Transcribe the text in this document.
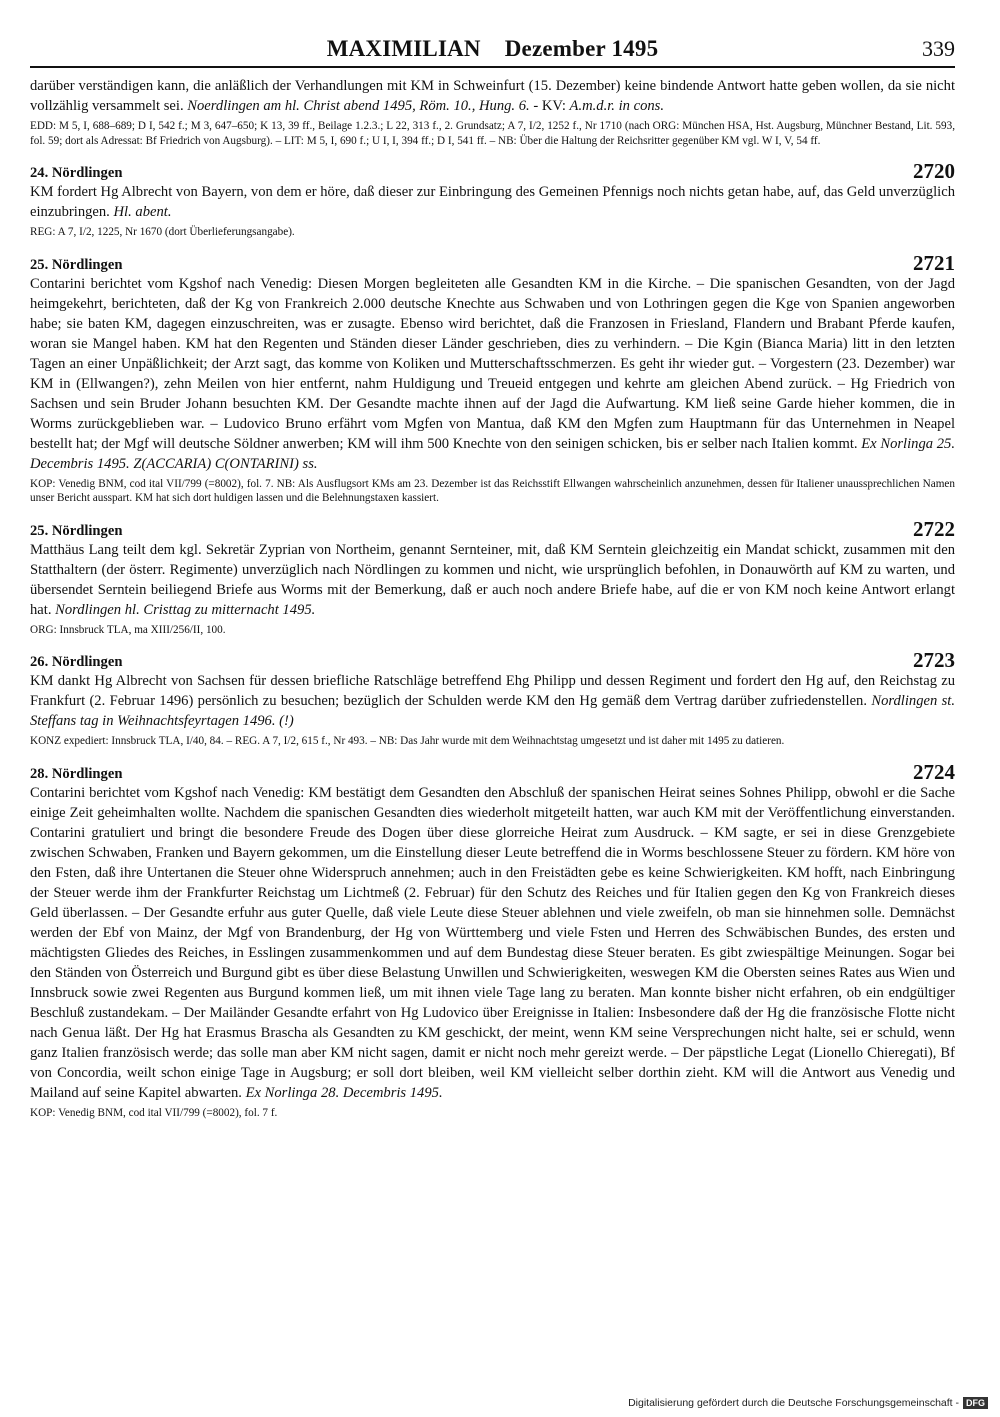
MAXIMILIAN Dezember 1495	339

darüber verständigen kann, die anläßlich der Verhandlungen mit KM in Schweinfurt (15. Dezember) keine bindende Antwort hatte geben wollen, da sie nicht vollzählig versammelt sei. Noerdlingen am hl. Christ abend 1495, Röm. 10., Hung. 6. - KV: A.m.d.r. in cons.

EDD: M 5, I, 688–689; D I, 542 f.; M 3, 647–650; K 13, 39 ff., Beilage 1.2.3.; L 22, 313 f., 2. Grundsatz; A 7, I/2, 1252 f., Nr 1710 (nach ORG: München HSA, Hst. Augsburg, Münchner Bestand, Lit. 593, fol. 59; dort als Adressat: Bf Friedrich von Augsburg). – LIT: M 5, I, 690 f.; U I, I, 394 ff.; D I, 541 ff. – NB: Über die Haltung der Reichsritter gegenüber KM vgl. W I, V, 54 ff.

24. Nördlingen	2720

KM fordert Hg Albrecht von Bayern, von dem er höre, daß dieser zur Einbringung des Gemeinen Pfennigs noch nichts getan habe, auf, das Geld unverzüglich einzubringen. Hl. abent.

REG: A 7, I/2, 1225, Nr 1670 (dort Überlieferungsangabe).

25. Nördlingen	2721

Contarini berichtet vom Kgshof nach Venedig: Diesen Morgen begleiteten alle Gesandten KM in die Kirche. – Die spanischen Gesandten, von der Jagd heimgekehrt, berichteten, daß der Kg von Frankreich 2.000 deutsche Knechte aus Schwaben und von Lothringen gegen die Kge von Spanien angeworben habe; sie baten KM, dagegen einzuschreiten, was er zusagte. Ebenso wird berichtet, daß die Franzosen in Friesland, Flandern und Brabant Pferde kaufen, woran sie Mangel haben. KM hat den Regenten und Ständen dieser Länder geschrieben, dies zu verhindern. – Die Kgin (Bianca Maria) litt in den letzten Tagen an einer Unpäßlichkeit; der Arzt sagt, das komme von Koliken und Mutterschaftsschmerzen. Es geht ihr wieder gut. – Vorgestern (23. Dezember) war KM in (Ellwangen?), zehn Meilen von hier entfernt, nahm Huldigung und Treueid entgegen und kehrte am gleichen Abend zurück. – Hg Friedrich von Sachsen und sein Bruder Johann besuchten KM. Der Gesandte machte ihnen auf der Jagd die Aufwartung. KM ließ seine Garde hieher kommen, die in Worms zurückgeblieben war. – Ludovico Bruno erfährt vom Mgfen von Mantua, daß KM den Mgfen zum Hauptmann für das Unternehmen in Neapel bestellt hat; der Mgf will deutsche Söldner anwerben; KM will ihm 500 Knechte von den seinigen schicken, bis er selber nach Italien kommt. Ex Norlinga 25. Decembris 1495. Z(ACCARIA) C(ONTARINI) ss.

KOP: Venedig BNM, cod ital VII/799 (=8002), fol. 7. NB: Als Ausflugsort KMs am 23. Dezember ist das Reichsstift Ellwangen wahrscheinlich anzunehmen, dessen für Italiener unaussprechlichen Namen unser Bericht ausspart. KM hat sich dort huldigen lassen und die Belehnungstaxen kassiert.

25. Nördlingen	2722

Matthäus Lang teilt dem kgl. Sekretär Zyprian von Northeim, genannt Serntеiner, mit, daß KM Serntein gleichzeitig ein Mandat schickt, zusammen mit den Statthaltern (der österr. Regimente) unverzüglich nach Nördlingen zu kommen und nicht, wie ursprünglich befohlen, in Donauwörth auf KM zu warten, und übersendet Serntein beiliegend Briefe aus Worms mit der Bemerkung, daß er auch noch andere Briefe habe, auf die er von KM noch keine Antwort erlangt hat. Nordlingen hl. Cristtag zu mitternacht 1495.

ORG: Innsbruck TLA, ma XIII/256/II, 100.

26. Nördlingen	2723

KM dankt Hg Albrecht von Sachsen für dessen briefliche Ratschläge betreffend Ehg Philipp und dessen Regiment und fordert den Hg auf, den Reichstag zu Frankfurt (2. Februar 1496) persönlich zu besuchen; bezüglich der Schulden werde KM den Hg gemäß dem Vertrag darüber zufriedenstellen. Nordlingen st. Steffans tag in Weihnachtsfeyrtagen 1496. (!)

KONZ expediert: Innsbruck TLA, I/40, 84. – REG. A 7, I/2, 615 f., Nr 493. – NB: Das Jahr wurde mit dem Weihnachtstag umgesetzt und ist daher mit 1495 zu datieren.

28. Nördlingen	2724

Contarini berichtet vom Kgshof nach Venedig: KM bestätigt dem Gesandten den Abschluß der spanischen Heirat seines Sohnes Philipp, obwohl er die Sache einige Zeit geheimhalten wollte. Nachdem die spanischen Gesandten dies wiederholt mitgeteilt hatten, war auch KM mit der Veröffentlichung einverstanden. Contarini gratuliert und bringt die besondere Freude des Dogen über diese glorreiche Heirat zum Ausdruck. – KM sagte, er sei in diese Grenzgebiete zwischen Schwaben, Franken und Bayern gekommen, um die Einstellung dieser Leute betreffend die in Worms beschlossene Steuer zu fördern. KM höre von den Fsten, daß ihre Untertanen die Steuer ohne Widerspruch annehmen; auch in den Freistädten gebe es keine Schwierigkeiten. KM hofft, nach Einbringung der Steuer werde ihm der Frankfurter Reichstag um Lichtmeß (2. Februar) für den Schutz des Reiches und für Italien gegen den Kg von Frankreich dieses Geld überlassen. – Der Gesandte erfuhr aus guter Quelle, daß viele Leute diese Steuer ablehnen und viele zweifeln, ob man sie hinnehmen solle. Demnächst werden der Ebf von Mainz, der Mgf von Brandenburg, der Hg von Württemberg und viele Fsten und Herren des Schwäbischen Bundes, des ersten und mächtigsten Gliedes des Reiches, in Esslingen zusammenkommen und auf dem Bundestag diese Steuer beraten. Es gibt zwiespältige Meinungen. Sogar bei den Ständen von Österreich und Burgund gibt es über diese Belastung Unwillen und Schwierigkeiten, weswegen KM die Obersten seines Rates aus Wien und Innsbruck sowie zwei Regenten aus Burgund kommen ließ, um mit ihnen viele Tage lang zu beraten. Man konnte bisher nicht erfahren, ob ein endgültiger Beschluß zustandekam. – Der Mailänder Gesandte erfahrt von Hg Ludovico über Ereignisse in Italien: Insbesondere daß der Hg die französische Flotte nicht nach Genua läßt. Der Hg hat Erasmus Brascha als Gesandten zu KM geschickt, der meint, wenn KM seine Versprechungen nicht halte, sei er schuld, wenn ganz Italien französisch werde; das solle man aber KM nicht sagen, damit er nicht noch mehr gereizt werde. – Der päpstliche Legat (Lionello Chieregati), Bf von Concordia, weilt schon einige Tage in Augsburg; er soll dort bleiben, weil KM vielleicht selber dorthin zieht. KM will die Antwort aus Venedig und Mailand auf seine Kapitel abwarten. Ex Norlinga 28. Decembris 1495.

KOP: Venedig BNM, cod ital VII/799 (=8002), fol. 7 f.

Digitalisierung gefördert durch die Deutsche Forschungsgemeinschaft - DFG
